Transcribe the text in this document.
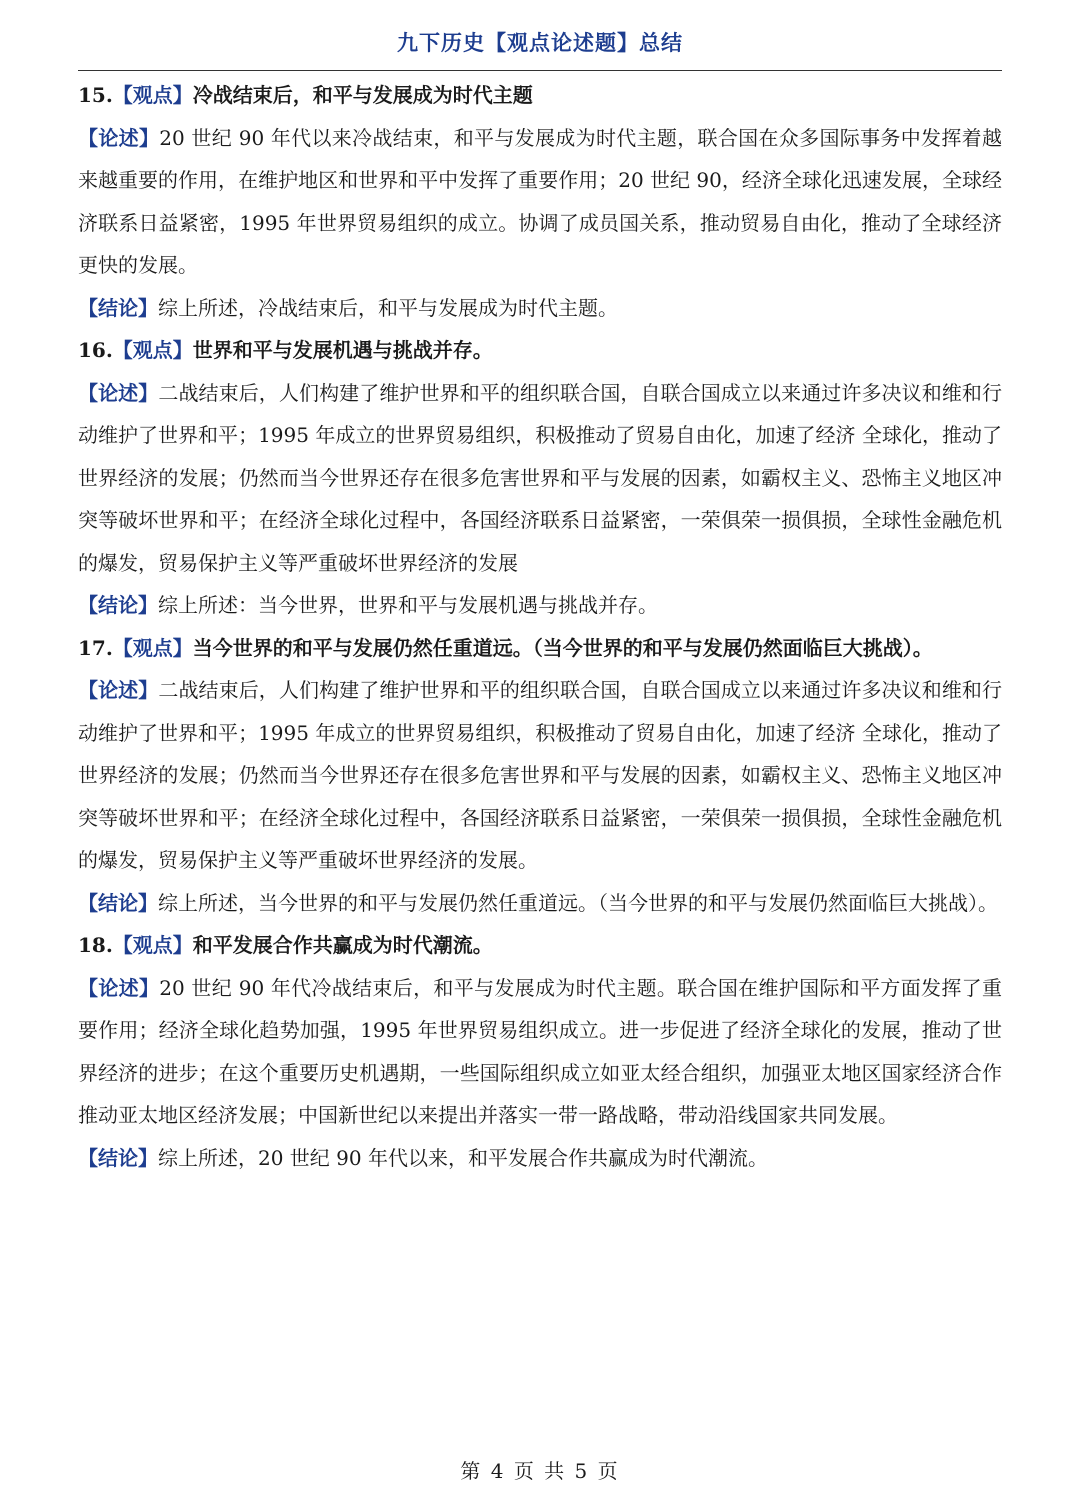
九下历史【观点论述题】总结
15.【观点】冷战结束后，和平与发展成为时代主题

【论述】20 世纪 90 年代以来冷战结束，和平与发展成为时代主题，联合国在众多国际事务中发挥着越来越重要的作用，在维护地区和世界和平中发挥了重要作用；20 世纪 90，经济全球化迅速发展，全球经济联系日益紧密，1995 年世界贸易组织的成立。协调了成员国关系，推动贸易自由化，推动了全球经济更快的发展。

【结论】综上所述，冷战结束后，和平与发展成为时代主题。

16.【观点】世界和平与发展机遇与挑战并存。

【论述】二战结束后，人们构建了维护世界和平的组织联合国，自联合国成立以来通过许多决议和维和行动维护了世界和平；1995 年成立的世界贸易组织，积极推动了贸易自由化，加速了经济 全球化，推动了世界经济的发展；仍然而当今世界还存在很多危害世界和平与发展的因素，如霸权主义、恐怖主义地区冲突等破坏世界和平；在经济全球化过程中，各国经济联系日益紧密，一荣俱荣一损俱损，全球性金融危机的爆发，贸易保护主义等严重破坏世界经济的发展

【结论】综上所述：当今世界，世界和平与发展机遇与挑战并存。

17.【观点】当今世界的和平与发展仍然任重道远。（当今世界的和平与发展仍然面临巨大挑战）。

【论述】二战结束后，人们构建了维护世界和平的组织联合国，自联合国成立以来通过许多决议和维和行动维护了世界和平；1995 年成立的世界贸易组织，积极推动了贸易自由化，加速了经济 全球化，推动了世界经济的发展；仍然而当今世界还存在很多危害世界和平与发展的因素，如霸权主义、恐怖主义地区冲突等破坏世界和平；在经济全球化过程中，各国经济联系日益紧密，一荣俱荣一损俱损，全球性金融危机的爆发，贸易保护主义等严重破坏世界经济的发展。

【结论】综上所述，当今世界的和平与发展仍然任重道远。（当今世界的和平与发展仍然面临巨大挑战）。

18.【观点】和平发展合作共赢成为时代潮流。

【论述】20 世纪 90 年代冷战结束后，和平与发展成为时代主题。联合国在维护国际和平方面发挥了重要作用；经济全球化趋势加强，1995 年世界贸易组织成立。进一步促进了经济全球化的发展，推动了世界经济的进步；在这个重要历史机遇期，一些国际组织成立如亚太经合组织，加强亚太地区国家经济合作推动亚太地区经济发展；中国新世纪以来提出并落实一带一路战略，带动沿线国家共同发展。

【结论】综上所述，20 世纪 90 年代以来，和平发展合作共赢成为时代潮流。

第 4 页 共 5 页
